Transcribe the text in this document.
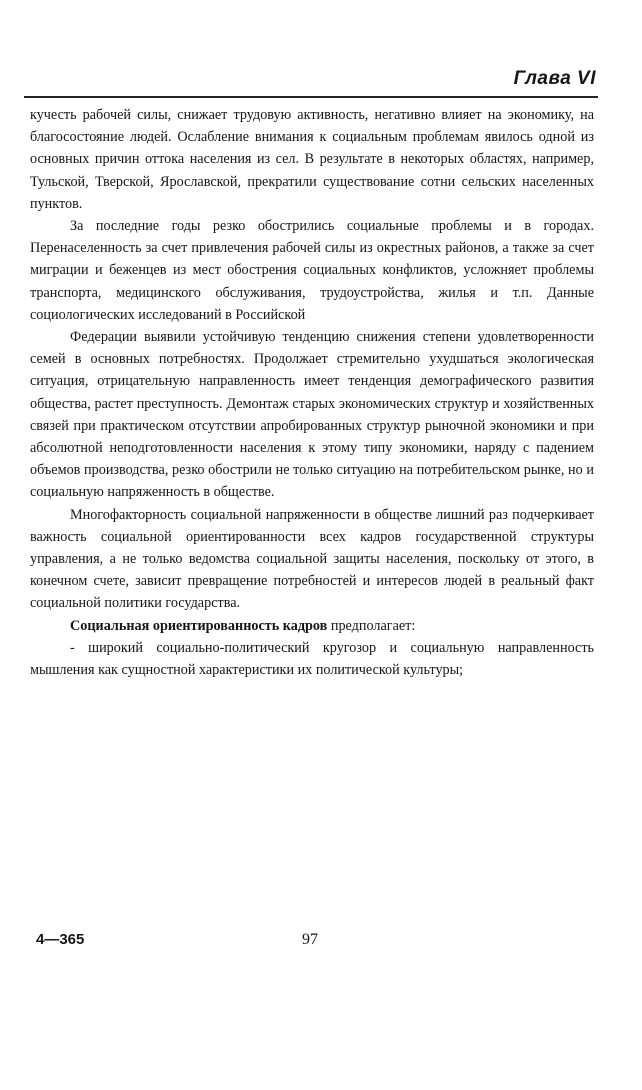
Глава VI

кучесть рабочей силы, снижает трудовую активность, негативно влияет на экономику, на благосостояние людей. Ослабление внимания к социальным проблемам явилось одной из основных причин оттока населения из сел. В результате в некоторых областях, например, Тульской, Тверской, Ярославской, прекратили существование сотни сельских населенных пунктов.

За последние годы резко обострились социальные проблемы и в городах. Перенаселенность за счет привлечения рабочей силы из окрестных районов, а также за счет миграции и беженцев из мест обострения социальных конфликтов, усложняет проблемы транспорта, медицинского обслуживания, трудоустройства, жилья и т.п. Данные социологических исследований в Российской

Федерации выявили устойчивую тенденцию снижения степени удовлетворенности семей в основных потребностях. Продолжает стремительно ухудшаться экологическая ситуация, отрицательную направленность имеет тенденция демографического развития общества, растет преступность. Демонтаж старых экономических структур и хозяйственных связей при практическом отсутствии апробированных структур рыночной экономики и при абсолютной неподготовленности населения к этому типу экономики, наряду с падением объемов производства, резко обострили не только ситуацию на потребительском рынке, но и социальную напряженность в обществе.

Многофакторность социальной напряженности в обществе лишний раз подчеркивает важность социальной ориентированности всех кадров государственной структуры управления, а не только ведомства социальной защиты населения, поскольку от этого, в конечном счете, зависит превращение потребностей и интересов людей в реальный факт социальной политики государства.

Социальная ориентированность кадров предполагает:

- широкий социально-политический кругозор и социальную направленность мышления как сущностной характеристики их политической культуры;

4—365	97
